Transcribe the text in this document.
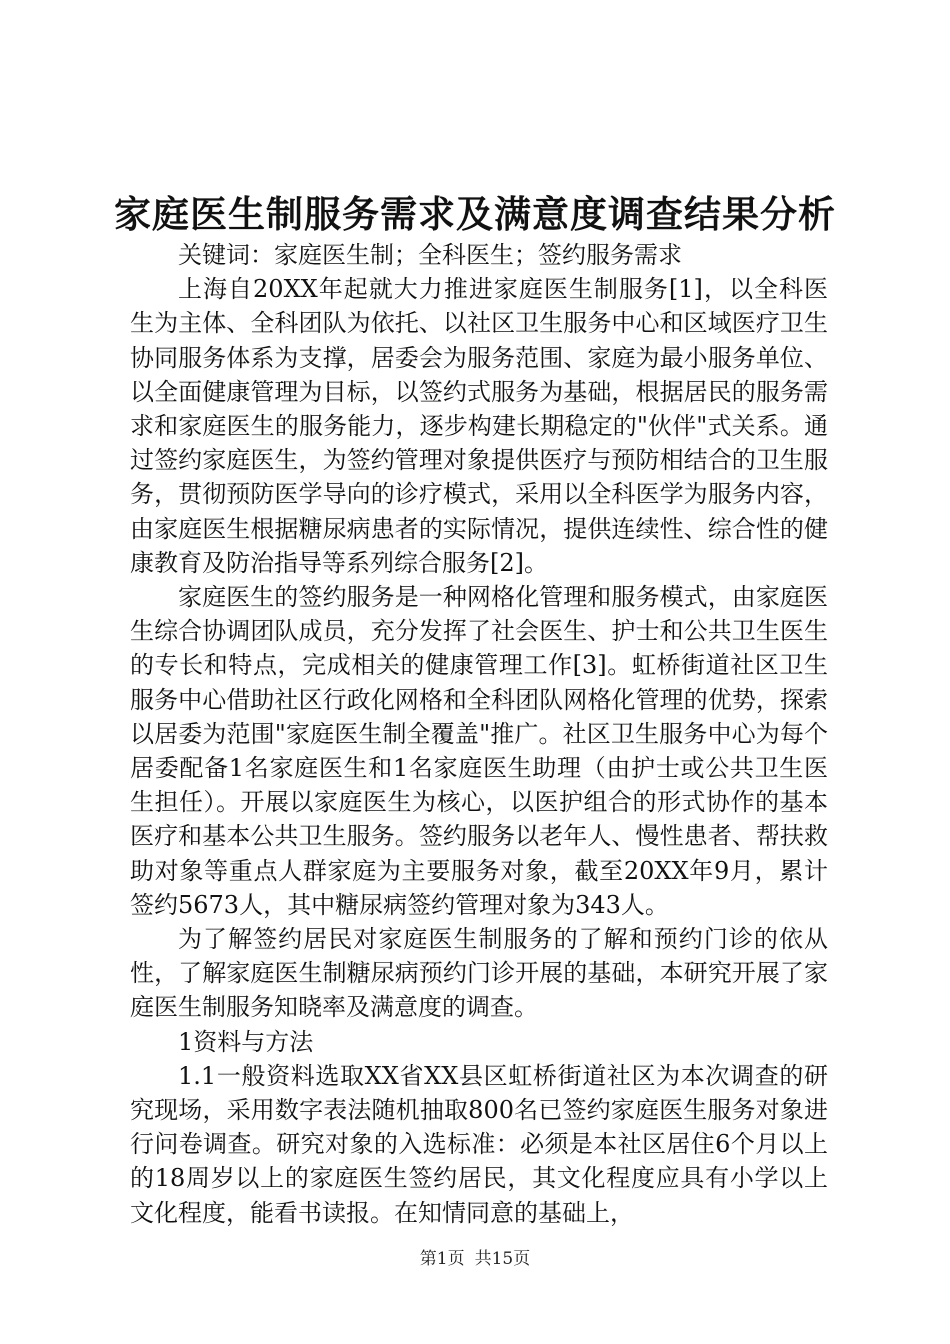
家庭医生制服务需求及满意度调查结果分析

关键词：家庭医生制；全科医生；签约服务需求

上海自20XX年起就大力推进家庭医生制服务[1]，以全科医生为主体、全科团队为依托、以社区卫生服务中心和区域医疗卫生协同服务体系为支撑，居委会为服务范围、家庭为最小服务单位、以全面健康管理为目标，以签约式服务为基础，根据居民的服务需求和家庭医生的服务能力，逐步构建长期稳定的"伙伴"式关系。通过签约家庭医生，为签约管理对象提供医疗与预防相结合的卫生服务，贯彻预防医学导向的诊疗模式，采用以全科医学为服务内容，由家庭医生根据糖尿病患者的实际情况，提供连续性、综合性的健康教育及防治指导等系列综合服务[2]。

家庭医生的签约服务是一种网格化管理和服务模式，由家庭医生综合协调团队成员，充分发挥了社会医生、护士和公共卫生医生的专长和特点，完成相关的健康管理工作[3]。虹桥街道社区卫生服务中心借助社区行政化网格和全科团队网格化管理的优势，探索以居委为范围"家庭医生制全覆盖"推广。社区卫生服务中心为每个居委配备1名家庭医生和1名家庭医生助理（由护士或公共卫生医生担任）。开展以家庭医生为核心，以医护组合的形式协作的基本医疗和基本公共卫生服务。签约服务以老年人、慢性患者、帮扶救助对象等重点人群家庭为主要服务对象，截至20XX年9月，累计签约5673人，其中糖尿病签约管理对象为343人。

为了解签约居民对家庭医生制服务的了解和预约门诊的依从性，了解家庭医生制糖尿病预约门诊开展的基础，本研究开展了家庭医生制服务知晓率及满意度的调查。

1资料与方法

1.1一般资料选取XX省XX县区虹桥街道社区为本次调查的研究现场，采用数字表法随机抽取800名已签约家庭医生服务对象进行问卷调查。研究对象的入选标准：必须是本社区居住6个月以上的18周岁以上的家庭医生签约居民，其文化程度应具有小学以上文化程度，能看书读报。在知情同意的基础上，

第1页 共15页
